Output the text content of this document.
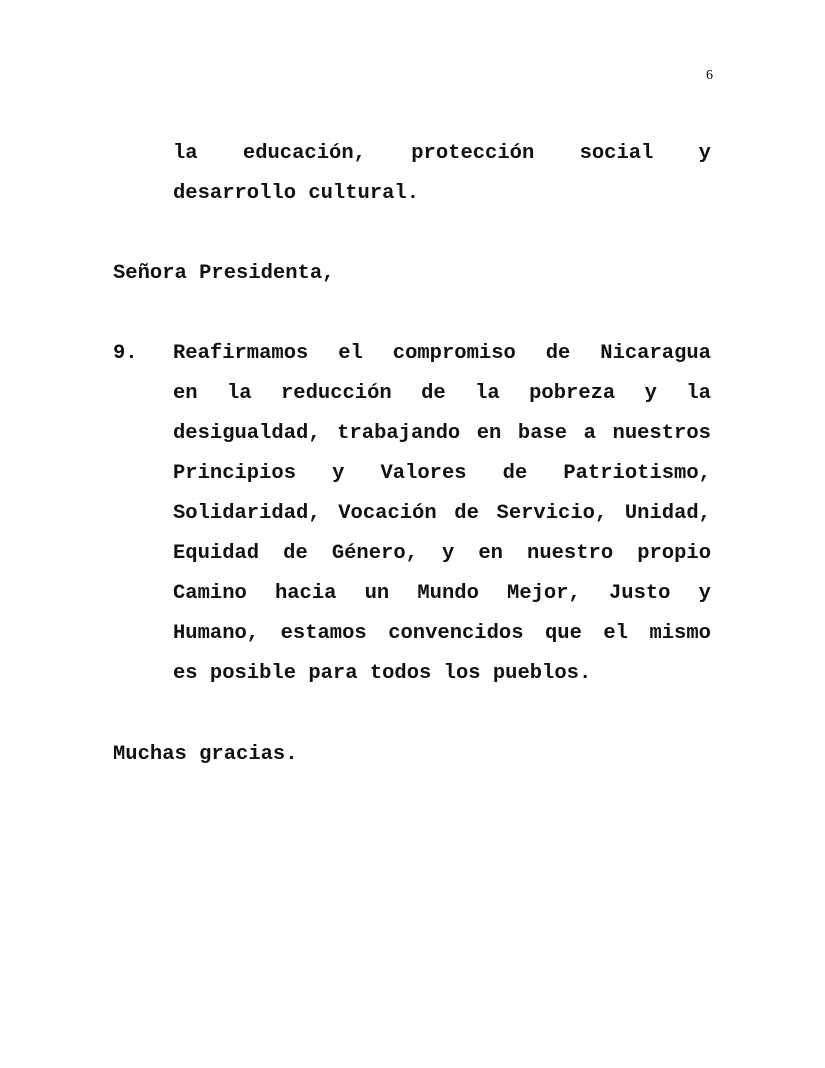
6
la educación, protección social y
desarrollo cultural.
Señora Presidenta,
9. Reafirmamos el compromiso de Nicaragua
en la reducción de la pobreza y la
desigualdad, trabajando en base a nuestros
Principios y Valores de Patriotismo,
Solidaridad, Vocación de Servicio, Unidad,
Equidad de Género, y en nuestro propio
Camino hacia un Mundo Mejor, Justo y
Humano, estamos convencidos que el mismo
es posible para todos los pueblos.
Muchas gracias.
